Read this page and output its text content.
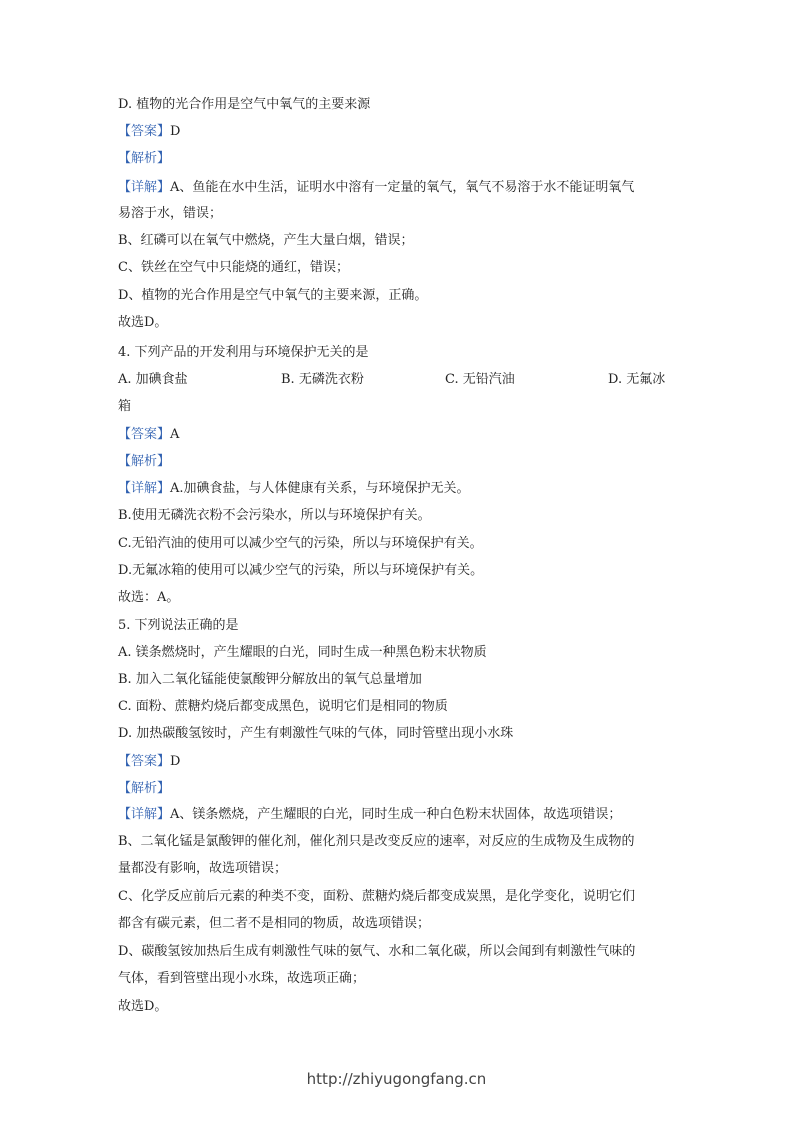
D. 植物的光合作用是空气中氧气的主要来源
【答案】D
【解析】
【详解】A、鱼能在水中生活，证明水中溶有一定量的氧气，氧气不易溶于水不能证明氧气
易溶于水，错误；
B、红磷可以在氧气中燃烧，产生大量白烟，错误；
C、铁丝在空气中只能烧的通红，错误；
D、植物的光合作用是空气中氧气的主要来源，正确。
故选D。
4. 下列产品的开发利用与环境保护无关的是
A. 加碘食盐	B. 无磷洗衣粉	C. 无铅汽油	D. 无氟冰
箱
【答案】A
【解析】
【详解】A.加碘食盐，与人体健康有关系，与环境保护无关。
B.使用无磷洗衣粉不会污染水，所以与环境保护有关。
C.无铅汽油的使用可以减少空气的污染，所以与环境保护有关。
D.无氟冰箱的使用可以减少空气的污染，所以与环境保护有关。
故选：A。
5. 下列说法正确的是
A. 镁条燃烧时，产生耀眼的白光，同时生成一种黑色粉末状物质
B. 加入二氧化锰能使氯酸钾分解放出的氧气总量增加
C. 面粉、蔗糖灼烧后都变成黑色，说明它们是相同的物质
D. 加热碳酸氢铵时，产生有刺激性气味的气体，同时管壁出现小水珠
【答案】D
【解析】
【详解】A、镁条燃烧，产生耀眼的白光，同时生成一种白色粉末状固体，故选项错误；
B、二氧化锰是氯酸钾的催化剂，催化剂只是改变反应的速率，对反应的生成物及生成物的
量都没有影响，故选项错误；
C、化学反应前后元素的种类不变，面粉、蔗糖灼烧后都变成炭黑，是化学变化，说明它们
都含有碳元素，但二者不是相同的物质，故选项错误；
D、碳酸氢铵加热后生成有刺激性气味的氨气、水和二氧化碳，所以会闻到有刺激性气味的
气体，看到管壁出现小水珠，故选项正确；
故选D。
http://zhiyugongfang.cn
